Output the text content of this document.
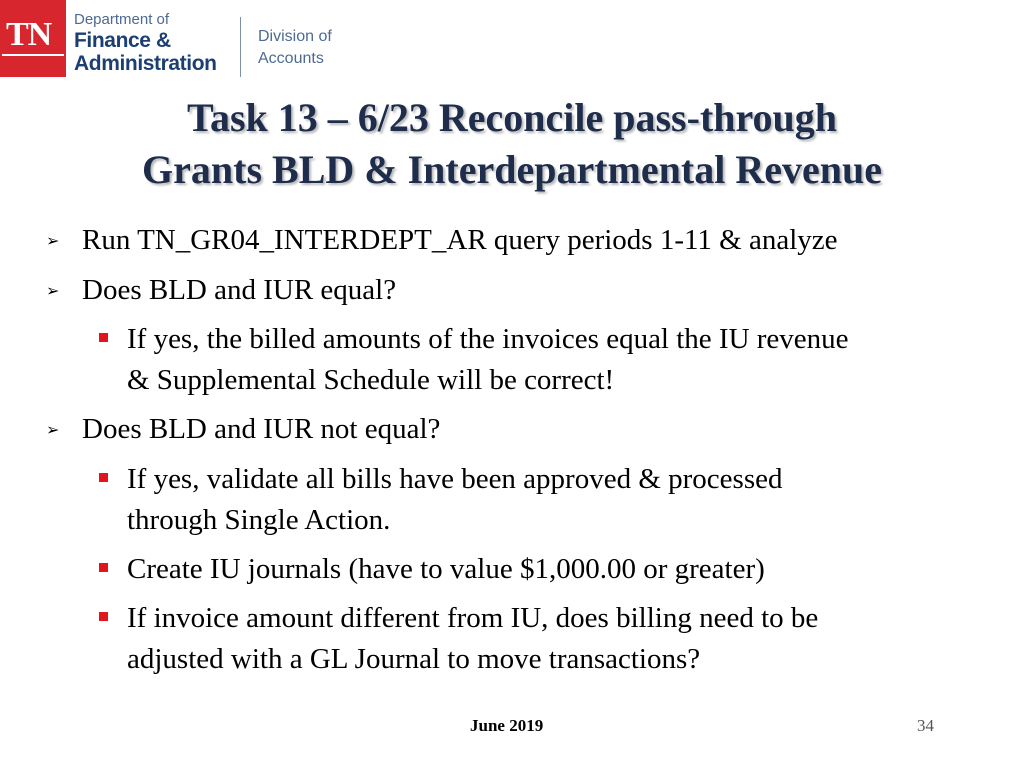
TN Department of
Finance &
Administration
Division of
Accounts
Task 13 – 6/23 Reconcile pass-through
Grants BLD & Interdepartmental Revenue
➢ Run TN_GR04_INTERDEPT_AR query periods 1-11 & analyze
➢ Does BLD and IUR equal?
If yes, the billed amounts of the invoices equal the IU revenue
& Supplemental Schedule will be correct!
➢ Does BLD and IUR not equal?
If yes, validate all bills have been approved & processed
through Single Action.
Create IU journals (have to value $1,000.00 or greater)
If invoice amount different from IU, does billing need to be
adjusted with a GL Journal to move transactions?
June 2019	34
